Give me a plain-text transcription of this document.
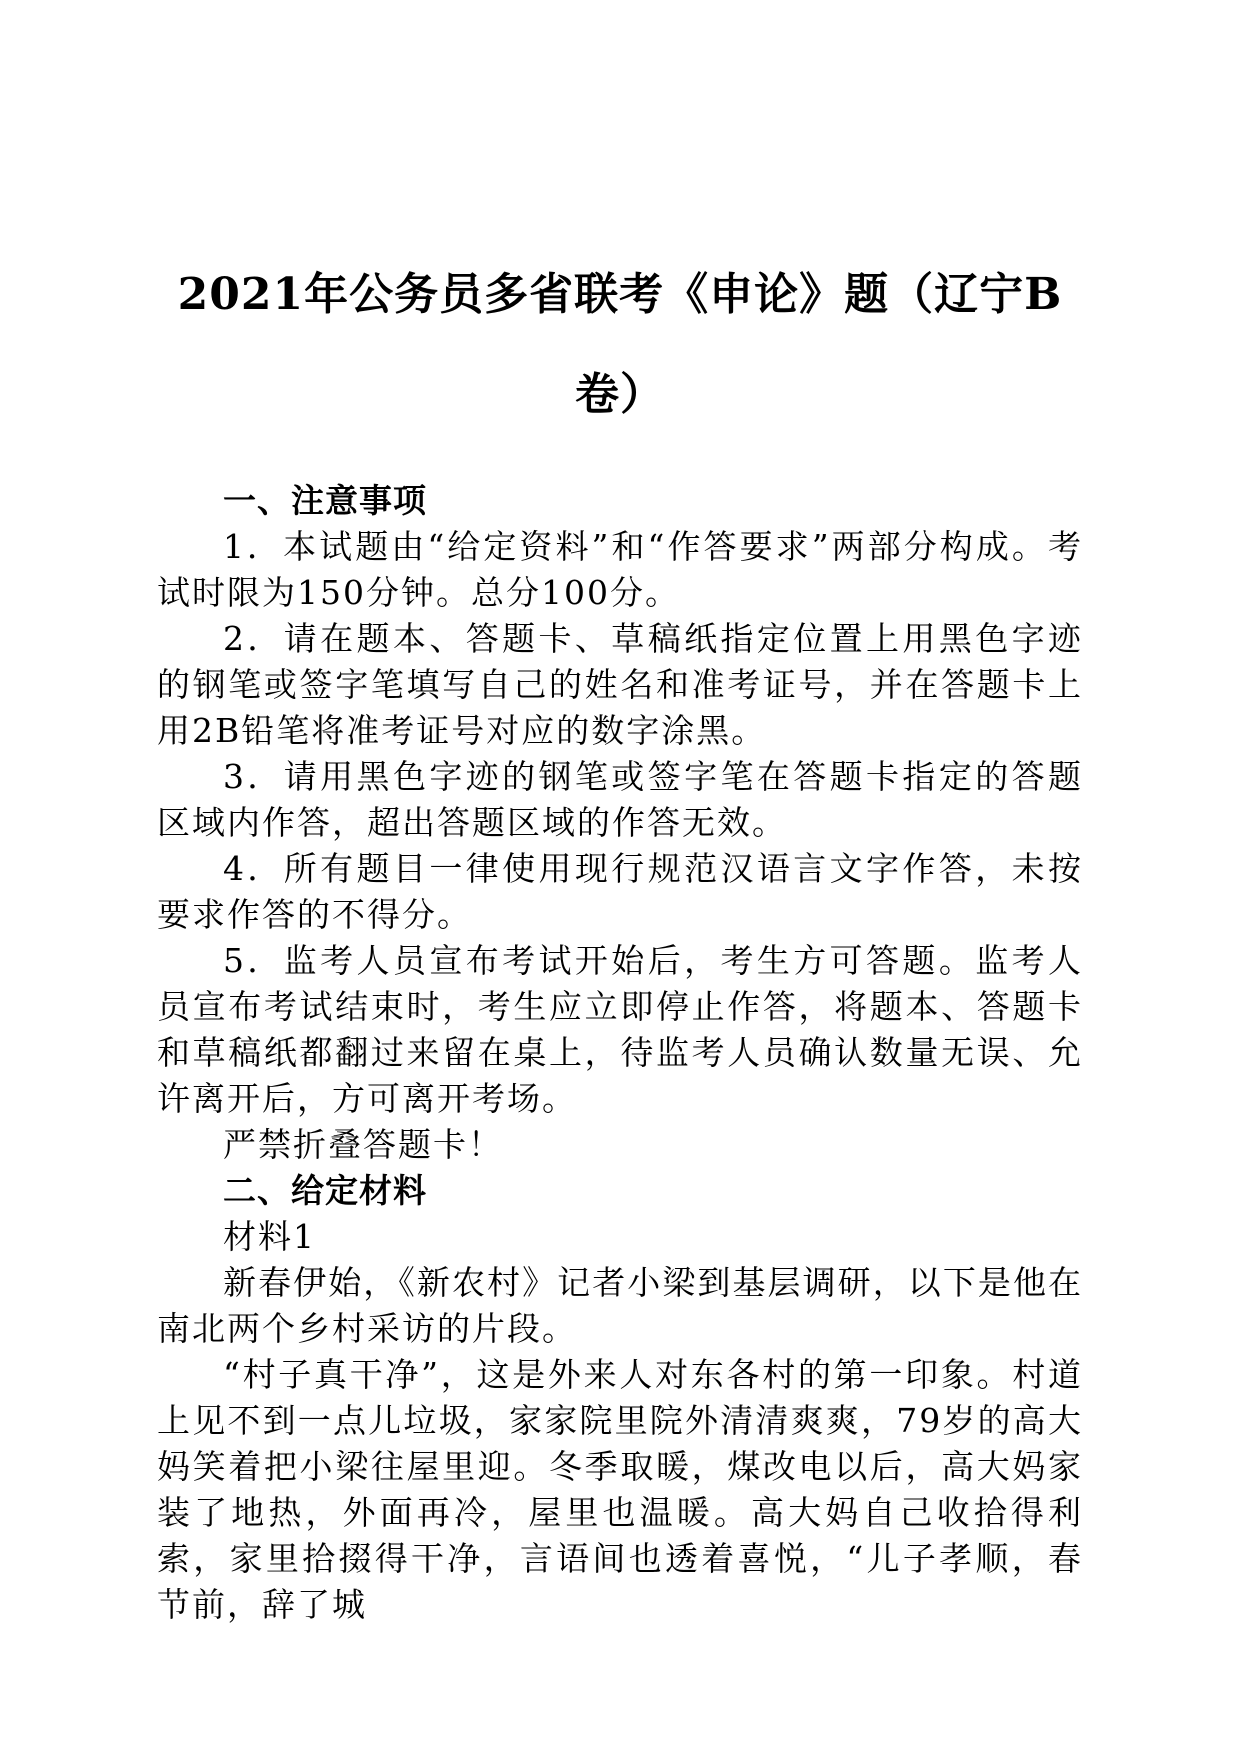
2021年公务员多省联考《申论》题（辽宁B卷）

一、注意事项

1．本试题由“给定资料”和“作答要求”两部分构成。考试时限为150分钟。总分100分。

2．请在题本、答题卡、草稿纸指定位置上用黑色字迹的钢笔或签字笔填写自己的姓名和准考证号，并在答题卡上用2B铅笔将准考证号对应的数字涂黑。

3．请用黑色字迹的钢笔或签字笔在答题卡指定的答题区域内作答，超出答题区域的作答无效。

4．所有题目一律使用现行规范汉语言文字作答，未按要求作答的不得分。

5．监考人员宣布考试开始后，考生方可答题。监考人员宣布考试结束时，考生应立即停止作答，将题本、答题卡和草稿纸都翻过来留在桌上，待监考人员确认数量无误、允许离开后，方可离开考场。

严禁折叠答题卡！

二、给定材料

材料1

新春伊始，《新农村》记者小梁到基层调研，以下是他在南北两个乡村采访的片段。

“村子真干净”，这是外来人对东各村的第一印象。村道上见不到一点儿垃圾，家家院里院外清清爽爽，79岁的高大妈笑着把小梁往屋里迎。冬季取暖，煤改电以后，高大妈家装了地热，外面再冷，屋里也温暖。高大妈自己收拾得利索，家里拾掇得干净，言语间也透着喜悦，“儿子孝顺，春节前，辞了城
